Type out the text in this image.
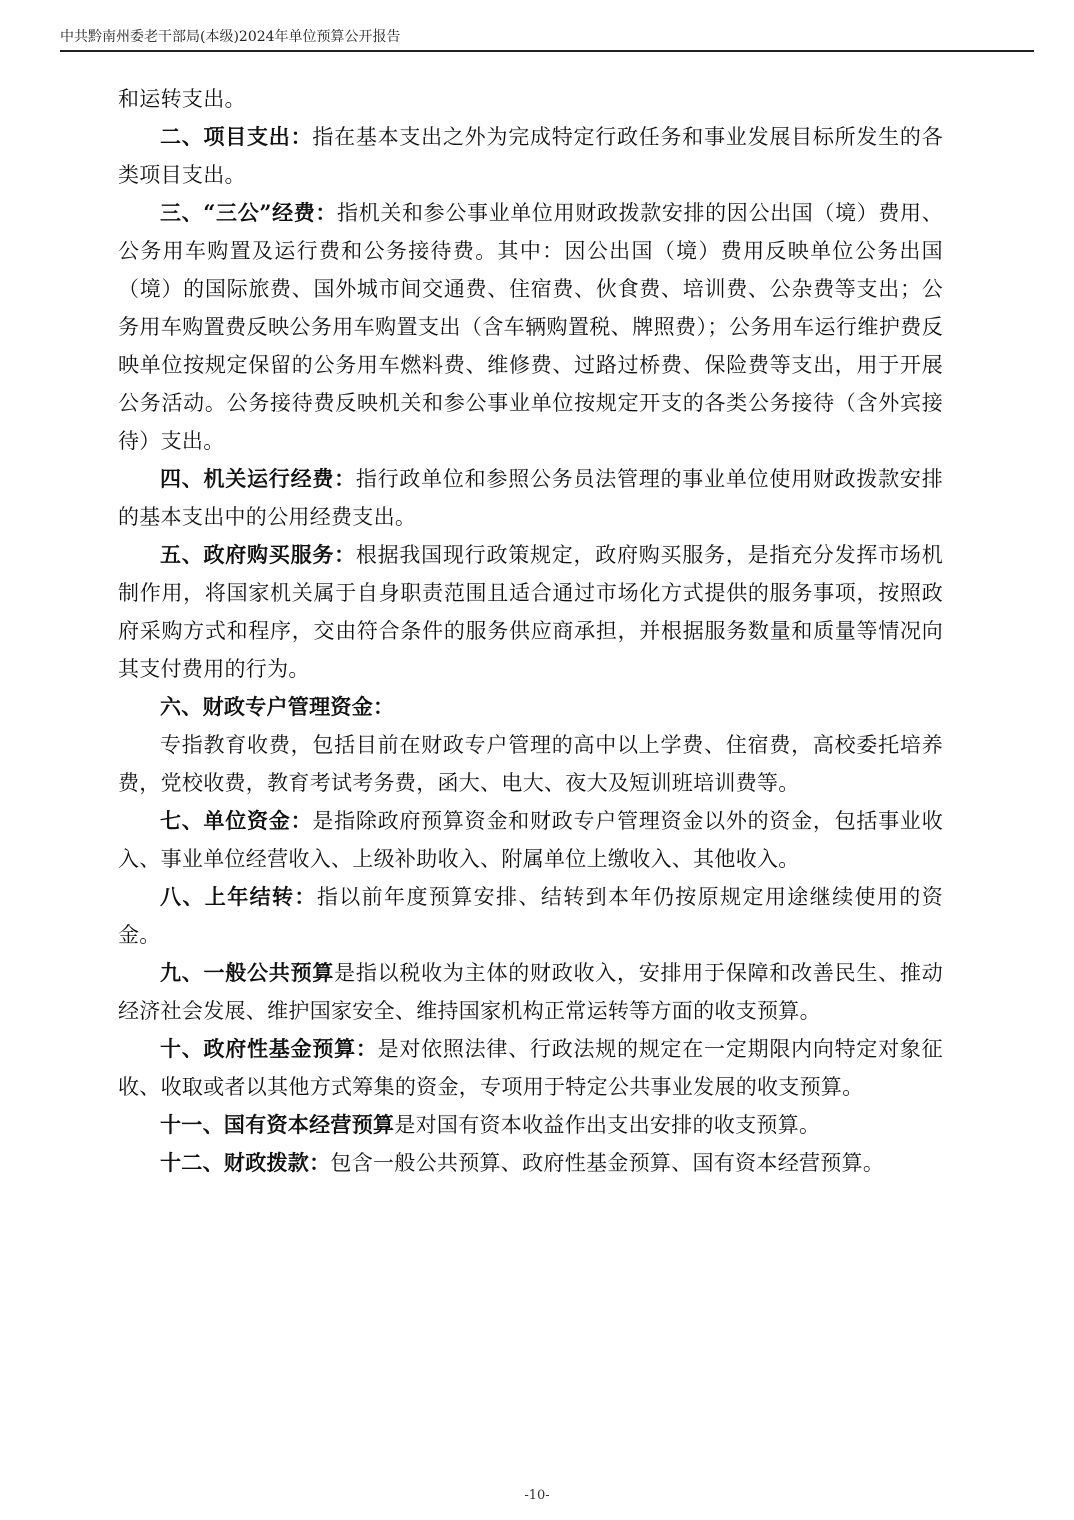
中共黔南州委老干部局(本级)2024年单位预算公开报告

和运转支出。

二、项目支出：指在基本支出之外为完成特定行政任务和事业发展目标所发生的各类项目支出。

三、“三公”经费：指机关和参公事业单位用财政拨款安排的因公出国（境）费用、公务用车购置及运行费和公务接待费。其中：因公出国（境）费用反映单位公务出国（境）的国际旅费、国外城市间交通费、住宿费、伙食费、培训费、公杂费等支出；公务用车购置费反映公务用车购置支出（含车辆购置税、牌照费）；公务用车运行维护费反映单位按规定保留的公务用车燃料费、维修费、过路过桥费、保险费等支出，用于开展公务活动。公务接待费反映机关和参公事业单位按规定开支的各类公务接待（含外宾接待）支出。

四、机关运行经费：指行政单位和参照公务员法管理的事业单位使用财政拨款安排的基本支出中的公用经费支出。

五、政府购买服务：根据我国现行政策规定，政府购买服务，是指充分发挥市场机制作用，将国家机关属于自身职责范围且适合通过市场化方式提供的服务事项，按照政府采购方式和程序，交由符合条件的服务供应商承担，并根据服务数量和质量等情况向其支付费用的行为。

六、财政专户管理资金：

专指教育收费，包括目前在财政专户管理的高中以上学费、住宿费，高校委托培养费，党校收费，教育考试考务费，函大、电大、夜大及短训班培训费等。

七、单位资金：是指除政府预算资金和财政专户管理资金以外的资金，包括事业收入、事业单位经营收入、上级补助收入、附属单位上缴收入、其他收入。

八、上年结转：指以前年度预算安排、结转到本年仍按原规定用途继续使用的资金。

九、一般公共预算是指以税收为主体的财政收入，安排用于保障和改善民生、推动经济社会发展、维护国家安全、维持国家机构正常运转等方面的收支预算。

十、政府性基金预算：是对依照法律、行政法规的规定在一定期限内向特定对象征收、收取或者以其他方式筹集的资金，专项用于特定公共事业发展的收支预算。

十一、国有资本经营预算是对国有资本收益作出支出安排的收支预算。

十二、财政拨款：包含一般公共预算、政府性基金预算、国有资本经营预算。

-10-
